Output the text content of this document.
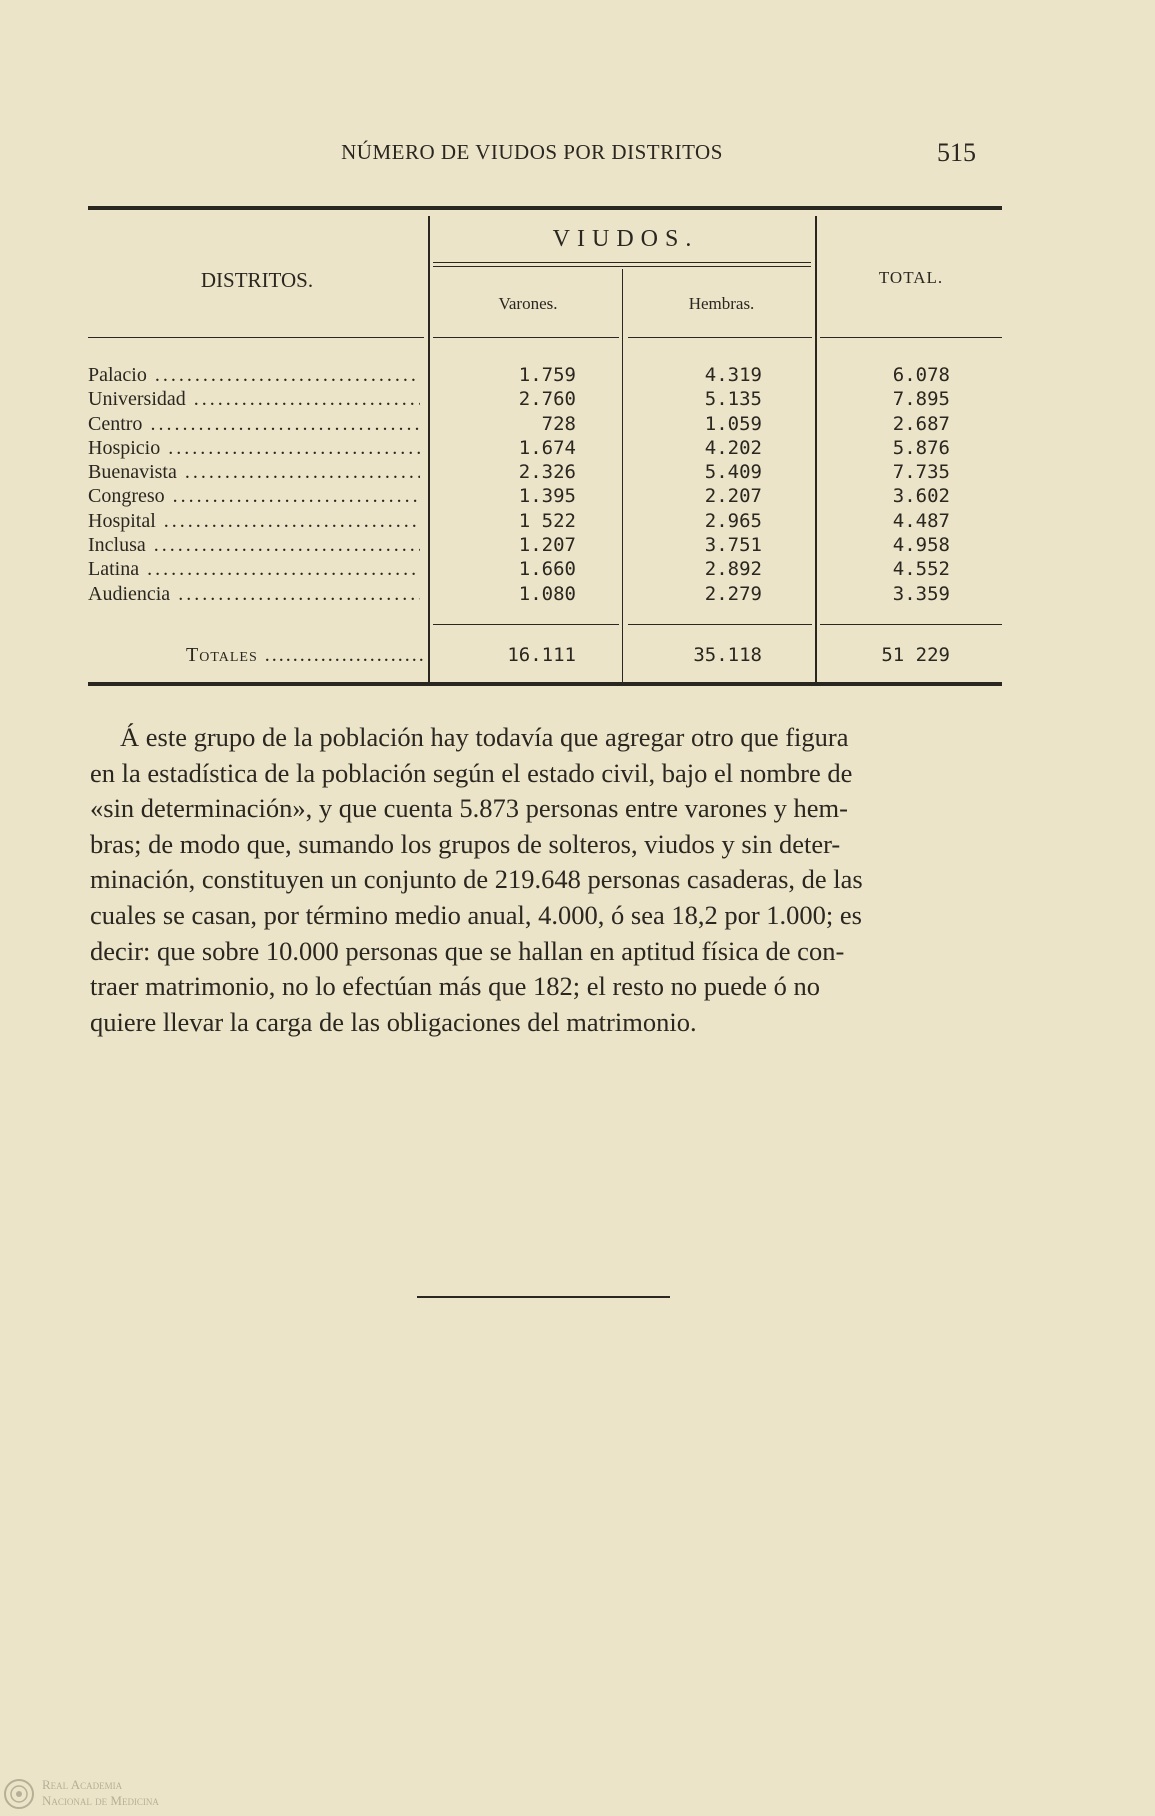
NÚMERO DE VIUDOS POR DISTRITOS	515
DISTRITOS.
VIUDOS.
Varones.	Hembras.
TOTAL.
Palacio .....	1.759	4.319	6.078
Universidad .....	2.760	5.135	7.895
Centro .....	728	1.059	2.687
Hospicio .....	1.674	4.202	5.876
Buenavista .....	2.326	5.409	7.735
Congreso .....	1.395	2.207	3.602
Hospital .....	1 522	2.965	4.487
Inclusa .....	1.207	3.751	4.958
Latina .....	1.660	2.892	4.552
Audiencia .....	1.080	2.279	3.359
Totales .....	16.111	35.118	51 229
Á este grupo de la población hay todavía que agregar otro que figura
en la estadística de la población según el estado civil, bajo el nombre de
«sin determinación», y que cuenta 5.873 personas entre varones y hem-
bras; de modo que, sumando los grupos de solteros, viudos y sin deter-
minación, constituyen un conjunto de 219.648 personas casaderas, de las
cuales se casan, por término medio anual, 4.000, ó sea 18,2 por 1.000; es
decir: que sobre 10.000 personas que se hallan en aptitud física de con-
traer matrimonio, no lo efectúan más que 182; el resto no puede ó no
quiere llevar la carga de las obligaciones del matrimonio.
Real Academia
Nacional de Medicina
